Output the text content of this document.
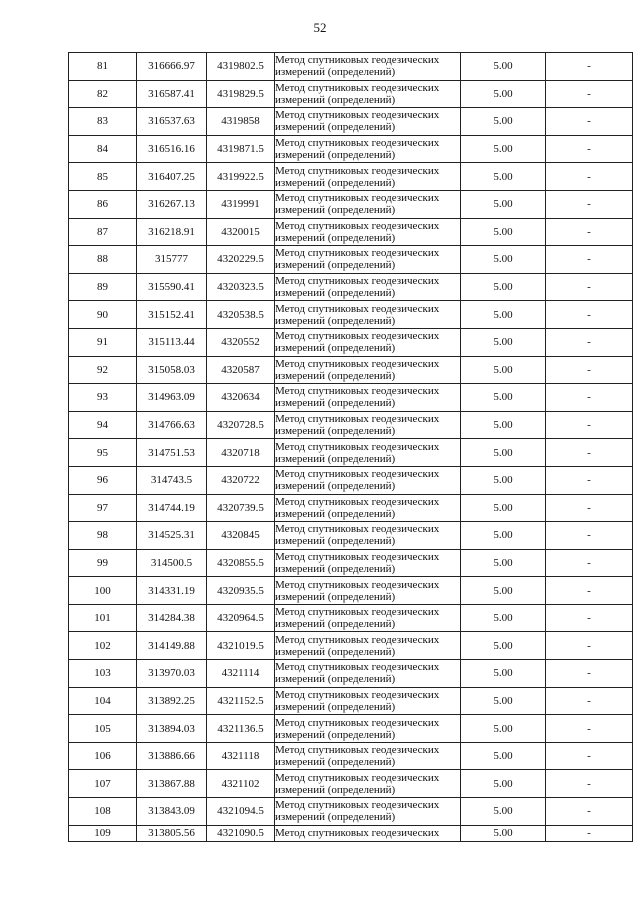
52
81	316666.97	4319802.5	Метод спутниковых геодезических измерений (определений)	5.00	-
82	316587.41	4319829.5	Метод спутниковых геодезических измерений (определений)	5.00	-
83	316537.63	4319858	Метод спутниковых геодезических измерений (определений)	5.00	-
84	316516.16	4319871.5	Метод спутниковых геодезических измерений (определений)	5.00	-
85	316407.25	4319922.5	Метод спутниковых геодезических измерений (определений)	5.00	-
86	316267.13	4319991	Метод спутниковых геодезических измерений (определений)	5.00	-
87	316218.91	4320015	Метод спутниковых геодезических измерений (определений)	5.00	-
88	315777	4320229.5	Метод спутниковых геодезических измерений (определений)	5.00	-
89	315590.41	4320323.5	Метод спутниковых геодезических измерений (определений)	5.00	-
90	315152.41	4320538.5	Метод спутниковых геодезических измерений (определений)	5.00	-
91	315113.44	4320552	Метод спутниковых геодезических измерений (определений)	5.00	-
92	315058.03	4320587	Метод спутниковых геодезических измерений (определений)	5.00	-
93	314963.09	4320634	Метод спутниковых геодезических измерений (определений)	5.00	-
94	314766.63	4320728.5	Метод спутниковых геодезических измерений (определений)	5.00	-
95	314751.53	4320718	Метод спутниковых геодезических измерений (определений)	5.00	-
96	314743.5	4320722	Метод спутниковых геодезических измерений (определений)	5.00	-
97	314744.19	4320739.5	Метод спутниковых геодезических измерений (определений)	5.00	-
98	314525.31	4320845	Метод спутниковых геодезических измерений (определений)	5.00	-
99	314500.5	4320855.5	Метод спутниковых геодезических измерений (определений)	5.00	-
100	314331.19	4320935.5	Метод спутниковых геодезических измерений (определений)	5.00	-
101	314284.38	4320964.5	Метод спутниковых геодезических измерений (определений)	5.00	-
102	314149.88	4321019.5	Метод спутниковых геодезических измерений (определений)	5.00	-
103	313970.03	4321114	Метод спутниковых геодезических измерений (определений)	5.00	-
104	313892.25	4321152.5	Метод спутниковых геодезических измерений (определений)	5.00	-
105	313894.03	4321136.5	Метод спутниковых геодезических измерений (определений)	5.00	-
106	313886.66	4321118	Метод спутниковых геодезических измерений (определений)	5.00	-
107	313867.88	4321102	Метод спутниковых геодезических измерений (определений)	5.00	-
108	313843.09	4321094.5	Метод спутниковых геодезических измерений (определений)	5.00	-
109	313805.56	4321090.5	Метод спутниковых геодезических	5.00	-
